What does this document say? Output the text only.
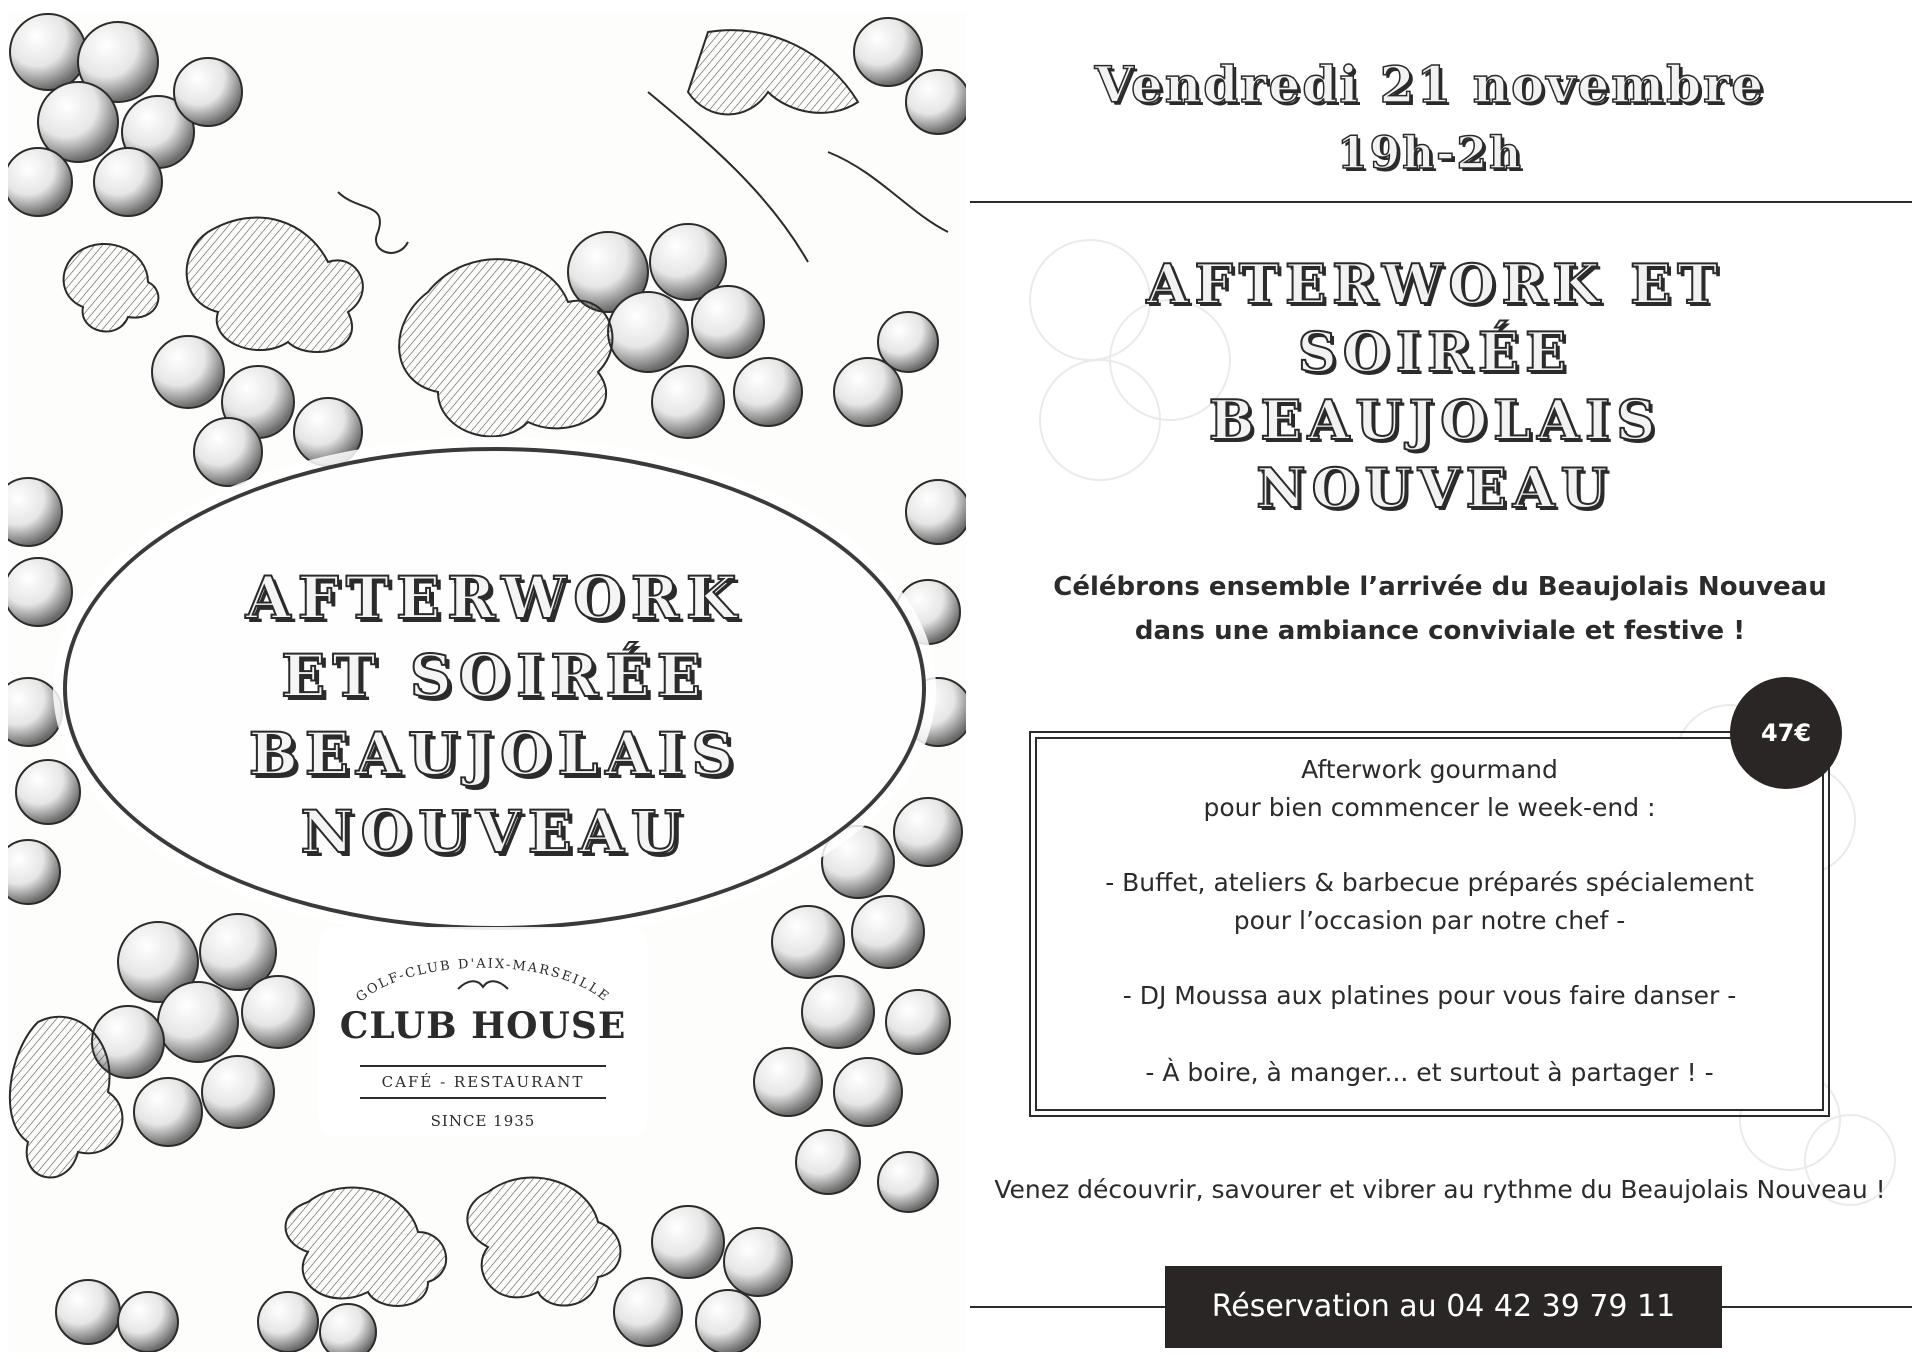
AFTERWORK
ET SOIRÉE
BEAUJOLAIS
NOUVEAU
GOLF-CLUB D'AIX-MARSEILLE
CLUB HOUSE
CAFÉ - RESTAURANT
SINCE 1935
Vendredi 21 novembre
19h-2h
AFTERWORK ET
SOIRÉE
BEAUJOLAIS
NOUVEAU
Célébrons ensemble l’arrivée du Beaujolais Nouveau
dans une ambiance conviviale et festive !
47€
Afterwork gourmand
pour bien commencer le week-end :
- Buffet, ateliers & barbecue préparés spécialement
pour l’occasion par notre chef -
- DJ Moussa aux platines pour vous faire danser -
- À boire, à manger... et surtout à partager ! -
Venez découvrir, savourer et vibrer au rythme du Beaujolais Nouveau !
Réservation au 04 42 39 79 11
